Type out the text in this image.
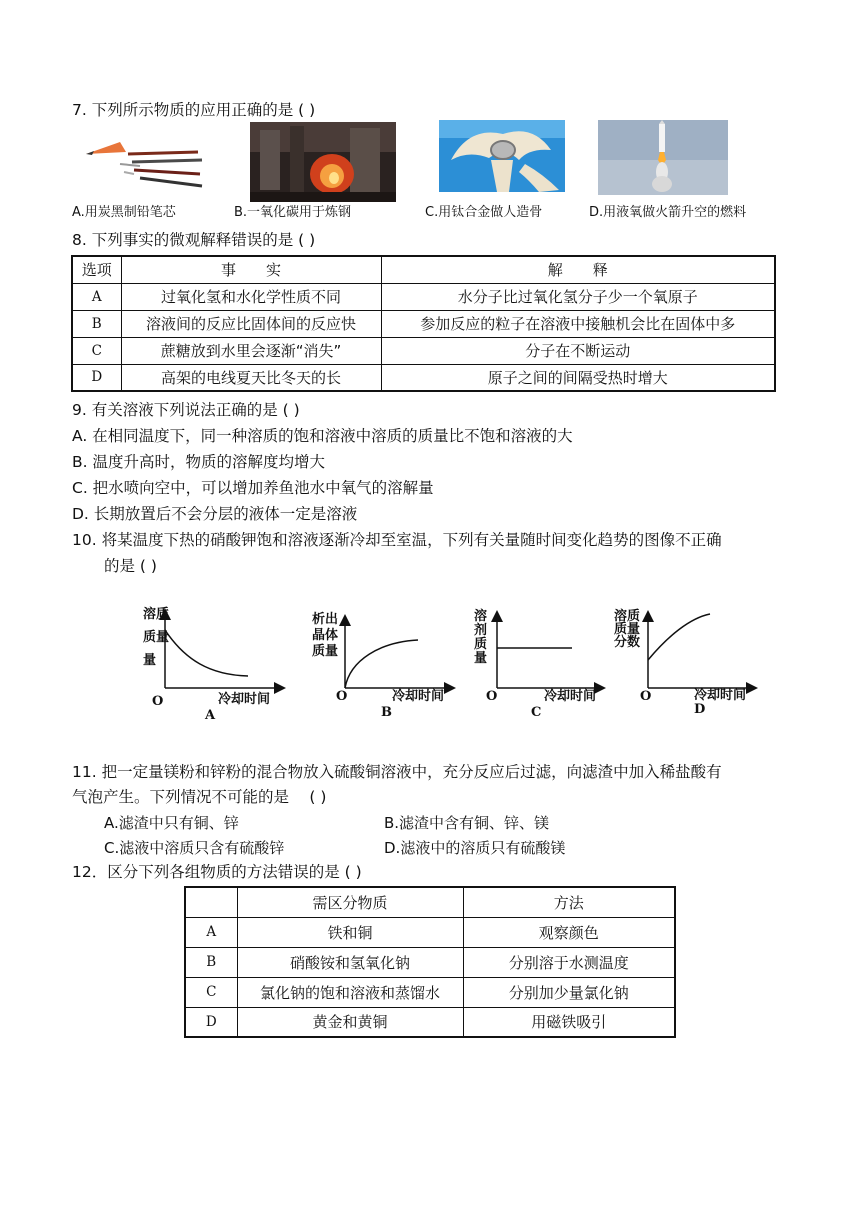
7. 下列所示物质的应用正确的是 ( )
A.用炭黑制铅笔芯	B.一氧化碳用于炼钢	C.用钛合金做人造骨	D.用液氧做火箭升空的燃料
8. 下列事实的微观解释错误的是 ( )
选项	事　　实	解　　释
A	过氧化氢和水化学性质不同	水分子比过氧化氢分子少一个氧原子
B	溶液间的反应比固体间的反应快	参加反应的粒子在溶液中接触机会比在固体中多
C	蔗糖放到水里会逐渐“消失”	分子在不断运动
D	高架的电线夏天比冬天的长	原子之间的间隔受热时增大
9. 有关溶液下列说法正确的是 ( )
A. 在相同温度下，同一种溶质的饱和溶液中溶质的质量比不饱和溶液的大
B. 温度升高时，物质的溶解度均增大
C. 把水喷向空中，可以增加养鱼池水中氧气的溶解量
D. 长期放置后不会分层的液体一定是溶液
10. 将某温度下热的硝酸钾饱和溶液逐渐冷却至室温，下列有关量随时间变化趋势的图像不正确
的是 ( )
溶质
质量
量
O	冷却时间
A
析出
晶体
质量
O	冷却时间
B
溶
剂
质
量
O	冷却时间
C
溶质
质量
分数
O	冷却时间
D
11. 把一定量镁粉和锌粉的混合物放入硫酸铜溶液中，充分反应后过滤，向滤渣中加入稀盐酸有
气泡产生。下列情况不可能的是　 ( )
A.滤渣中只有铜、锌	B.滤渣中含有铜、锌、镁
C.滤液中溶质只含有硫酸锌	D.滤液中的溶质只有硫酸镁
12．区分下列各组物质的方法错误的是 ( )
	需区分物质	方法
A	铁和铜	观察颜色
B	硝酸铵和氢氧化钠	分别溶于水测温度
C	氯化钠的饱和溶液和蒸馏水	分别加少量氯化钠
D	黄金和黄铜	用磁铁吸引
